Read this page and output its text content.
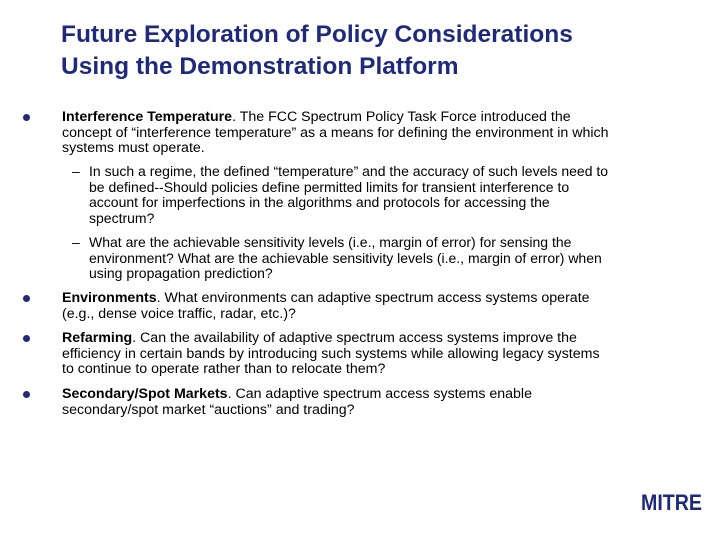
Future Exploration of Policy Considerations
Using the Demonstration Platform
Interference Temperature. The FCC Spectrum Policy Task Force introduced the
concept of “interference temperature” as a means for defining the environment in which
systems must operate.
– In such a regime, the defined “temperature” and the accuracy of such levels need to
be defined--Should policies define permitted limits for transient interference to
account for imperfections in the algorithms and protocols for accessing the
spectrum?
– What are the achievable sensitivity levels (i.e., margin of error) for sensing the
environment? What are the achievable sensitivity levels (i.e., margin of error) when
using propagation prediction?
Environments. What environments can adaptive spectrum access systems operate
(e.g., dense voice traffic, radar, etc.)?
Refarming. Can the availability of adaptive spectrum access systems improve the
efficiency in certain bands by introducing such systems while allowing legacy systems
to continue to operate rather than to relocate them?
Secondary/Spot Markets. Can adaptive spectrum access systems enable
secondary/spot market “auctions” and trading?
MITRE
